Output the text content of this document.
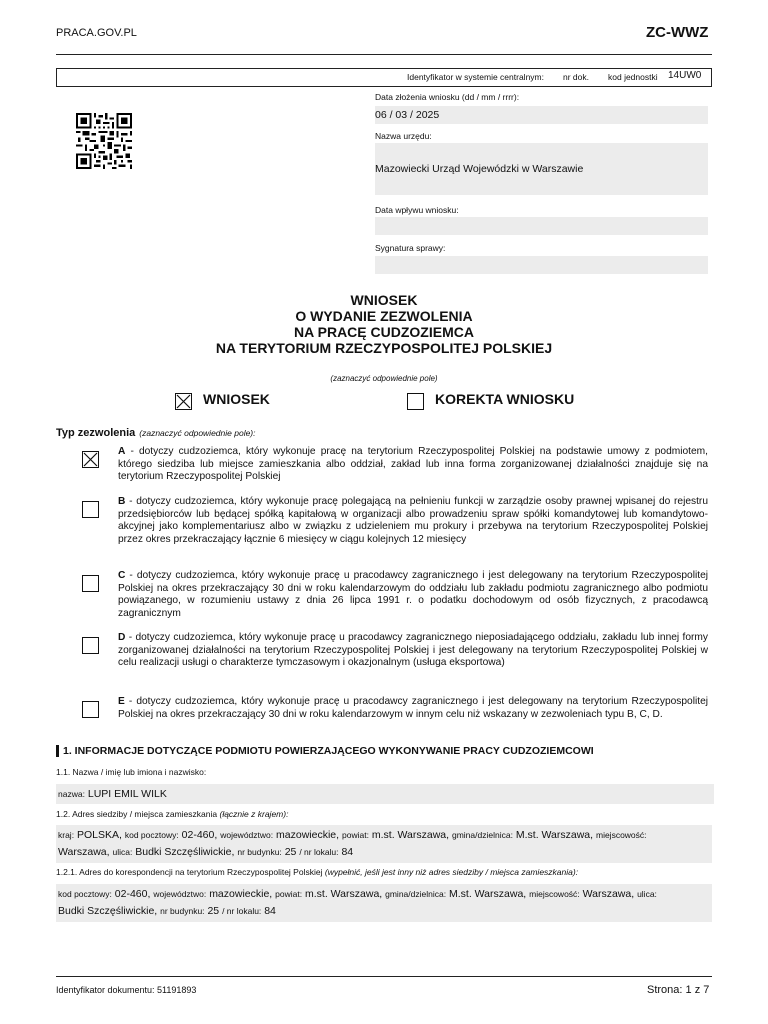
PRACA.GOV.PL	ZC-WWZ
Identyfikator w systemie centralnym: nr dok. kod jednostki 14UW0
Data złożenia wniosku (dd / mm / rrrr):
06 / 03 / 2025
Nazwa urzędu:
Mazowiecki Urząd Wojewódzki w Warszawie
Data wpływu wniosku:
Sygnatura sprawy:
WNIOSEK
O WYDANIE ZEZWOLENIA
NA PRACĘ CUDZOZIEMCA
NA TERYTORIUM RZECZYPOSPOLITEJ POLSKIEJ
(zaznaczyć odpowiednie pole)
WNIOSEK	KOREKTA WNIOSKU
Typ zezwolenia (zaznaczyć odpowiednie pole):
A - dotyczy cudzoziemca, który wykonuje pracę na terytorium Rzeczypospolitej Polskiej na podstawie umowy z podmiotem, którego siedziba lub miejsce zamieszkania albo oddział, zakład lub inna forma zorganizowanej działalności znajduje się na terytorium Rzeczypospolitej Polskiej
B - dotyczy cudzoziemca, który wykonuje pracę polegającą na pełnieniu funkcji w zarządzie osoby prawnej wpisanej do rejestru przedsiębiorców lub będącej spółką kapitałową w organizacji albo prowadzeniu spraw spółki komandytowej lub komandytowo-akcyjnej jako komplementariusz albo w związku z udzieleniem mu prokury i przebywa na terytorium Rzeczypospolitej Polskiej przez okres przekraczający łącznie 6 miesięcy w ciągu kolejnych 12 miesięcy
C - dotyczy cudzoziemca, który wykonuje pracę u pracodawcy zagranicznego i jest delegowany na terytorium Rzeczypospolitej Polskiej na okres przekraczający 30 dni w roku kalendarzowym do oddziału lub zakładu podmiotu zagranicznego albo podmiotu powiązanego, w rozumieniu ustawy z dnia 26 lipca 1991 r. o podatku dochodowym od osób fizycznych, z pracodawcą zagranicznym
D - dotyczy cudzoziemca, który wykonuje pracę u pracodawcy zagranicznego nieposiadającego oddziału, zakładu lub innej formy zorganizowanej działalności na terytorium Rzeczypospolitej Polskiej i jest delegowany na terytorium Rzeczypospolitej Polskiej w celu realizacji usługi o charakterze tymczasowym i okazjonalnym (usługa eksportowa)
E - dotyczy cudzoziemca, który wykonuje pracę u pracodawcy zagranicznego i jest delegowany na terytorium Rzeczypospolitej Polskiej na okres przekraczający 30 dni w roku kalendarzowym w innym celu niż wskazany w zezwoleniach typu B, C, D.
1. INFORMACJE DOTYCZĄCE PODMIOTU POWIERZAJĄCEGO WYKONYWANIE PRACY CUDZOZIEMCOWI
1.1. Nazwa / imię lub imiona i nazwisko:
nazwa: LUPI EMIL WILK
1.2. Adres siedziby / miejsca zamieszkania (łącznie z krajem):
kraj: POLSKA, kod pocztowy: 02-460, województwo: mazowieckie, powiat: m.st. Warszawa, gmina/dzielnica: M.st. Warszawa, miejscowość:
Warszawa, ulica: Budki Szczęśliwickie, nr budynku: 25 / nr lokalu: 84
1.2.1. Adres do korespondencji na terytorium Rzeczypospolitej Polskiej (wypełnić, jeśli jest inny niż adres siedziby / miejsca zamieszkania):
kod pocztowy: 02-460, województwo: mazowieckie, powiat: m.st. Warszawa, gmina/dzielnica: M.st. Warszawa, miejscowość: Warszawa, ulica:
Budki Szczęśliwickie, nr budynku: 25 / nr lokalu: 84
Identyfikator dokumentu: 51191893	Strona: 1 z 7
